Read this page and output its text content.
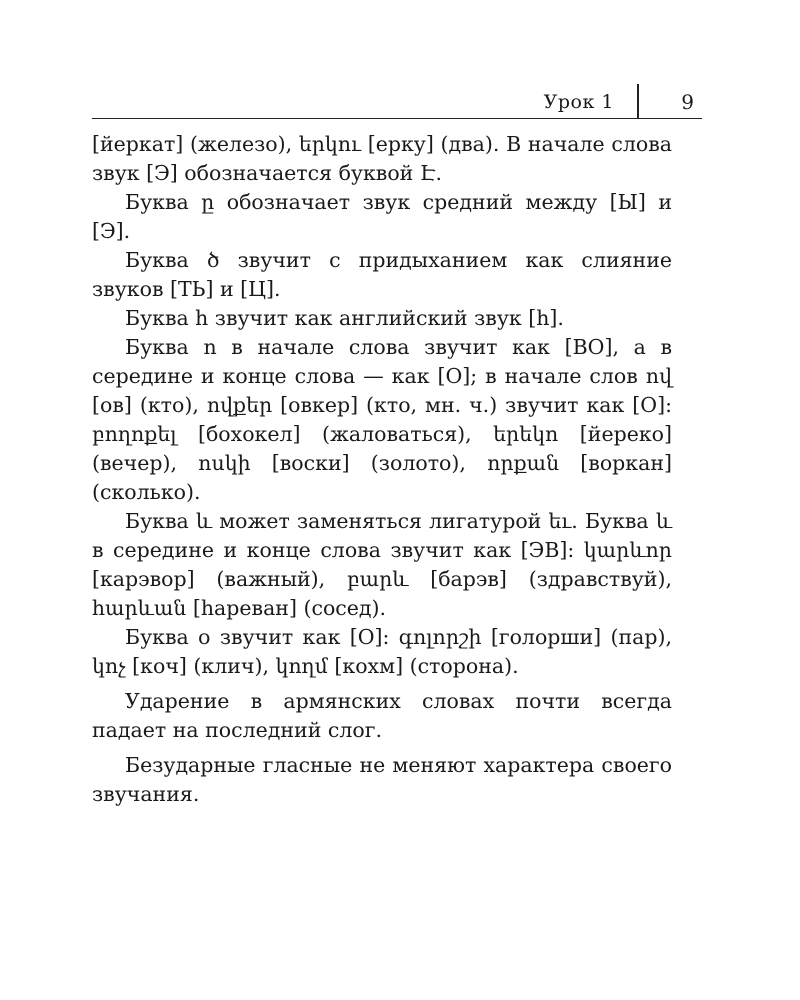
Урок 1	9

[йеркат] (железо), երկու [ерку] (два). В начале слова звук [Э] обозначается буквой Է.

Буква ը обозначает звук средний между [Ы] и [Э].

Буква ծ звучит с придыханием как слияние звуков [ТЬ] и [Ц].

Буква հ звучит как английский звук [h].

Буква ո в начале слова звучит как [ВО], а в середине и конце слова — как [О]; в начале слов ով [ов] (кто), ովքեր [овкер] (кто, мн. ч.) звучит как [О]: բողոքել [бохокел] (жаловаться), երեկո [йереко] (вечер), ոսկի [воски] (золото), որքան [воркан] (сколько).

Буква և может заменяться лигатурой եւ. Буква և в середине и конце слова звучит как [ЭВ]: կարևոր [карэвор] (важный), բարև [барэв] (здравствуй), հարևան [hареван] (сосед).

Буква օ звучит как [О]: գոլորշի [голорши] (пар), կոչ [коч] (клич), կողմ [кохм] (сторона).

Ударение в армянских словах почти всегда падает на последний слог.

Безударные гласные не меняют характера своего звучания.
